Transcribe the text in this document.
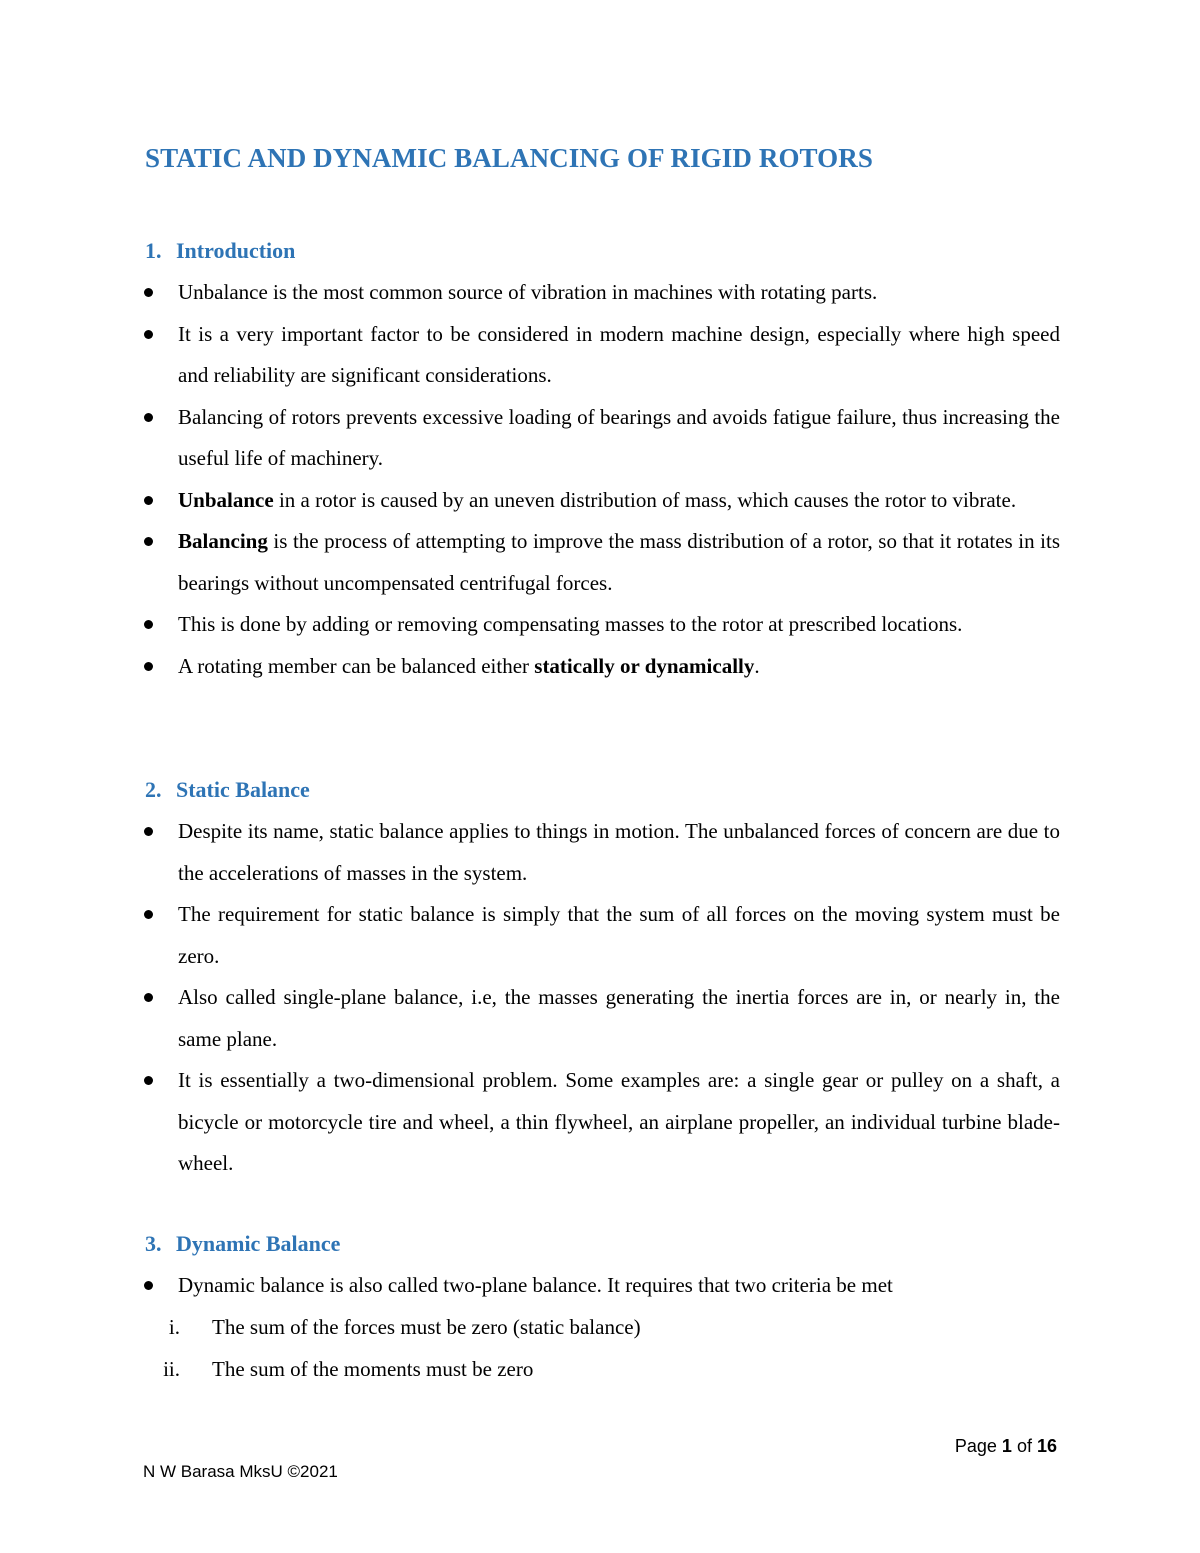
STATIC AND DYNAMIC BALANCING OF RIGID ROTORS
1. Introduction
Unbalance is the most common source of vibration in machines with rotating parts.
It is a very important factor to be considered in modern machine design, especially where high speed and reliability are significant considerations.
Balancing of rotors prevents excessive loading of bearings and avoids fatigue failure, thus increasing the useful life of machinery.
Unbalance in a rotor is caused by an uneven distribution of mass, which causes the rotor to vibrate.
Balancing is the process of attempting to improve the mass distribution of a rotor, so that it rotates in its bearings without uncompensated centrifugal forces.
This is done by adding or removing compensating masses to the rotor at prescribed locations.
A rotating member can be balanced either statically or dynamically.
2. Static Balance
Despite its name, static balance applies to things in motion. The unbalanced forces of concern are due to the accelerations of masses in the system.
The requirement for static balance is simply that the sum of all forces on the moving system must be zero.
Also called single-plane balance, i.e, the masses generating the inertia forces are in, or nearly in, the same plane.
It is essentially a two-dimensional problem. Some examples are: a single gear or pulley on a shaft, a bicycle or motorcycle tire and wheel, a thin flywheel, an airplane propeller, an individual turbine blade-wheel.
3. Dynamic Balance
Dynamic balance is also called two-plane balance. It requires that two criteria be met
i. The sum of the forces must be zero (static balance)
ii. The sum of the moments must be zero
Page 1 of 16
N W Barasa MksU ©2021
